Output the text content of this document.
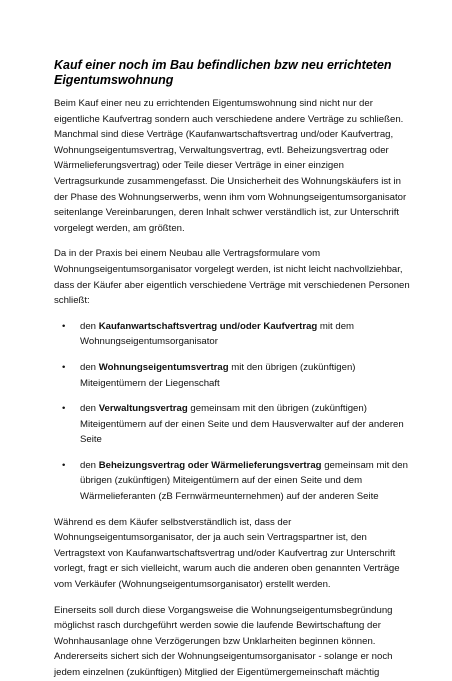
Kauf einer noch im Bau befindlichen bzw neu errichteten Eigentumswohnung

Beim Kauf einer neu zu errichtenden Eigentumswohnung sind nicht nur der eigentliche Kaufvertrag sondern auch verschiedene andere Verträge zu schließen. Manchmal sind diese Verträge (Kaufanwartschaftsvertrag und/oder Kaufvertrag, Wohnungseigentumsvertrag, Verwaltungsvertrag, evtl. Beheizungsvertrag oder Wärmelieferungsvertrag) oder Teile dieser Verträge in einer einzigen Vertragsurkunde zusammengefasst. Die Unsicherheit des Wohnungskäufers ist in der Phase des Wohnungserwerbs, wenn ihm vom Wohnungseigentumsorganisator seitenlange Vereinbarungen, deren Inhalt schwer verständlich ist, zur Unterschrift vorgelegt werden, am größten.

Da in der Praxis bei einem Neubau alle Vertragsformulare vom Wohnungseigentumsorganisator vorgelegt werden, ist nicht leicht nachvollziehbar, dass der Käufer aber eigentlich verschiedene Verträge mit verschiedenen Personen schließt:

• den Kaufanwartschaftsvertrag und/oder Kaufvertrag mit dem Wohnungseigentumsorganisator
• den Wohnungseigentumsvertrag mit den übrigen (zukünftigen) Miteigentümern der Liegenschaft
• den Verwaltungsvertrag gemeinsam mit den übrigen (zukünftigen) Miteigentümern auf der einen Seite und dem Hausverwalter auf der anderen Seite
• den Beheizungsvertrag oder Wärmelieferungsvertrag gemeinsam mit den übrigen (zukünftigen) Miteigentümern auf der einen Seite und dem Wärmelieferanten (zB Fernwärmeunternehmen) auf der anderen Seite

Während es dem Käufer selbstverständlich ist, dass der Wohnungseigentumsorganisator, der ja auch sein Vertragspartner ist, den Vertragstext von Kaufanwartschaftsvertrag und/oder Kaufvertrag zur Unterschrift vorlegt, fragt er sich vielleicht, warum auch die anderen oben genannten Verträge vom Verkäufer (Wohnungseigentumsorganisator) erstellt werden.

Einerseits soll durch diese Vorgangsweise die Wohnungseigentumsbegründung möglichst rasch durchgeführt werden sowie die laufende Bewirtschaftung der Wohnhausanlage ohne Verzögerungen bzw Unklarheiten beginnen können. Andererseits sichert sich der Wohnungseigentumsorganisator - solange er noch jedem einzelnen (zukünftigen) Mitglied der Eigentümergemeinschaft mächtig
